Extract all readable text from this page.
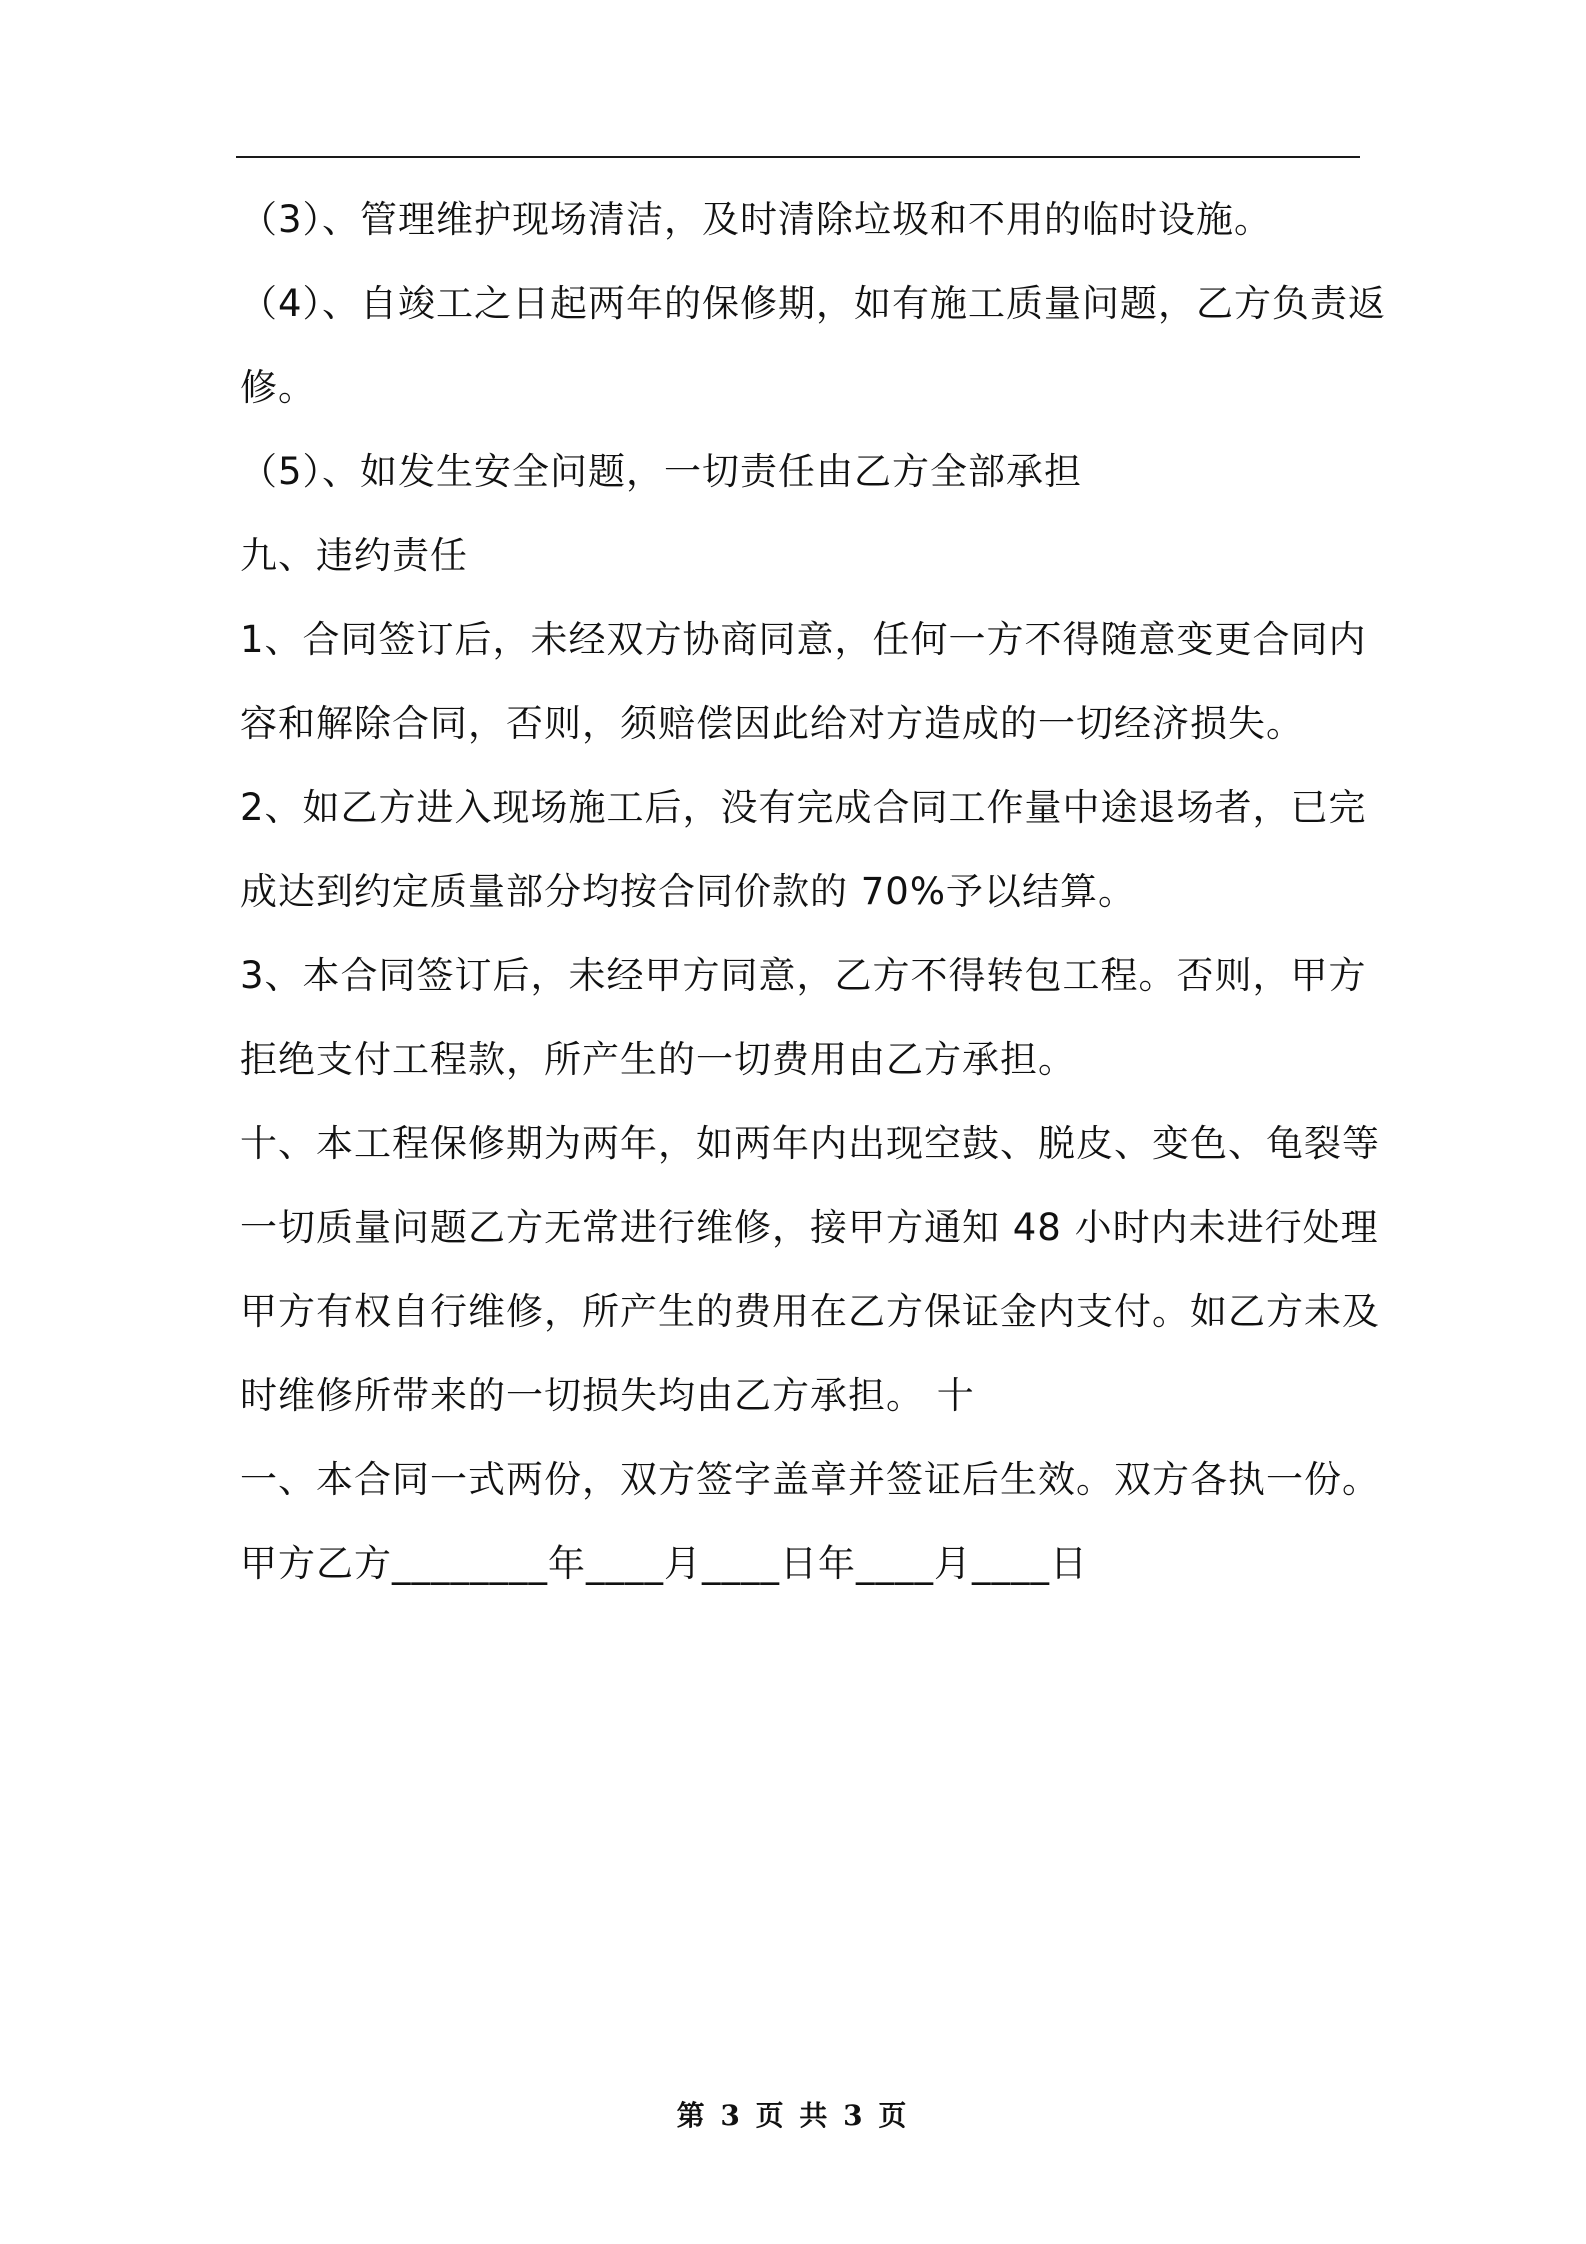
（3）、管理维护现场清洁，及时清除垃圾和不用的临时设施。
（4）、自竣工之日起两年的保修期，如有施工质量问题，乙方负责返
修。
（5）、如发生安全问题，一切责任由乙方全部承担
九、违约责任
1、合同签订后，未经双方协商同意，任何一方不得随意变更合同内
容和解除合同，否则，须赔偿因此给对方造成的一切经济损失。
2、如乙方进入现场施工后，没有完成合同工作量中途退场者，已完
成达到约定质量部分均按合同价款的 70%予以结算。
3、本合同签订后，未经甲方同意，乙方不得转包工程。否则，甲方
拒绝支付工程款，所产生的一切费用由乙方承担。
十、本工程保修期为两年，如两年内出现空鼓、脱皮、变色、龟裂等
一切质量问题乙方无常进行维修，接甲方通知 48 小时内未进行处理
甲方有权自行维修，所产生的费用在乙方保证金内支付。如乙方未及
时维修所带来的一切损失均由乙方承担。 十
一、本合同一式两份，双方签字盖章并签证后生效。双方各执一份。
甲方乙方________年____月____日年____月____日
第 3 页 共 3 页
